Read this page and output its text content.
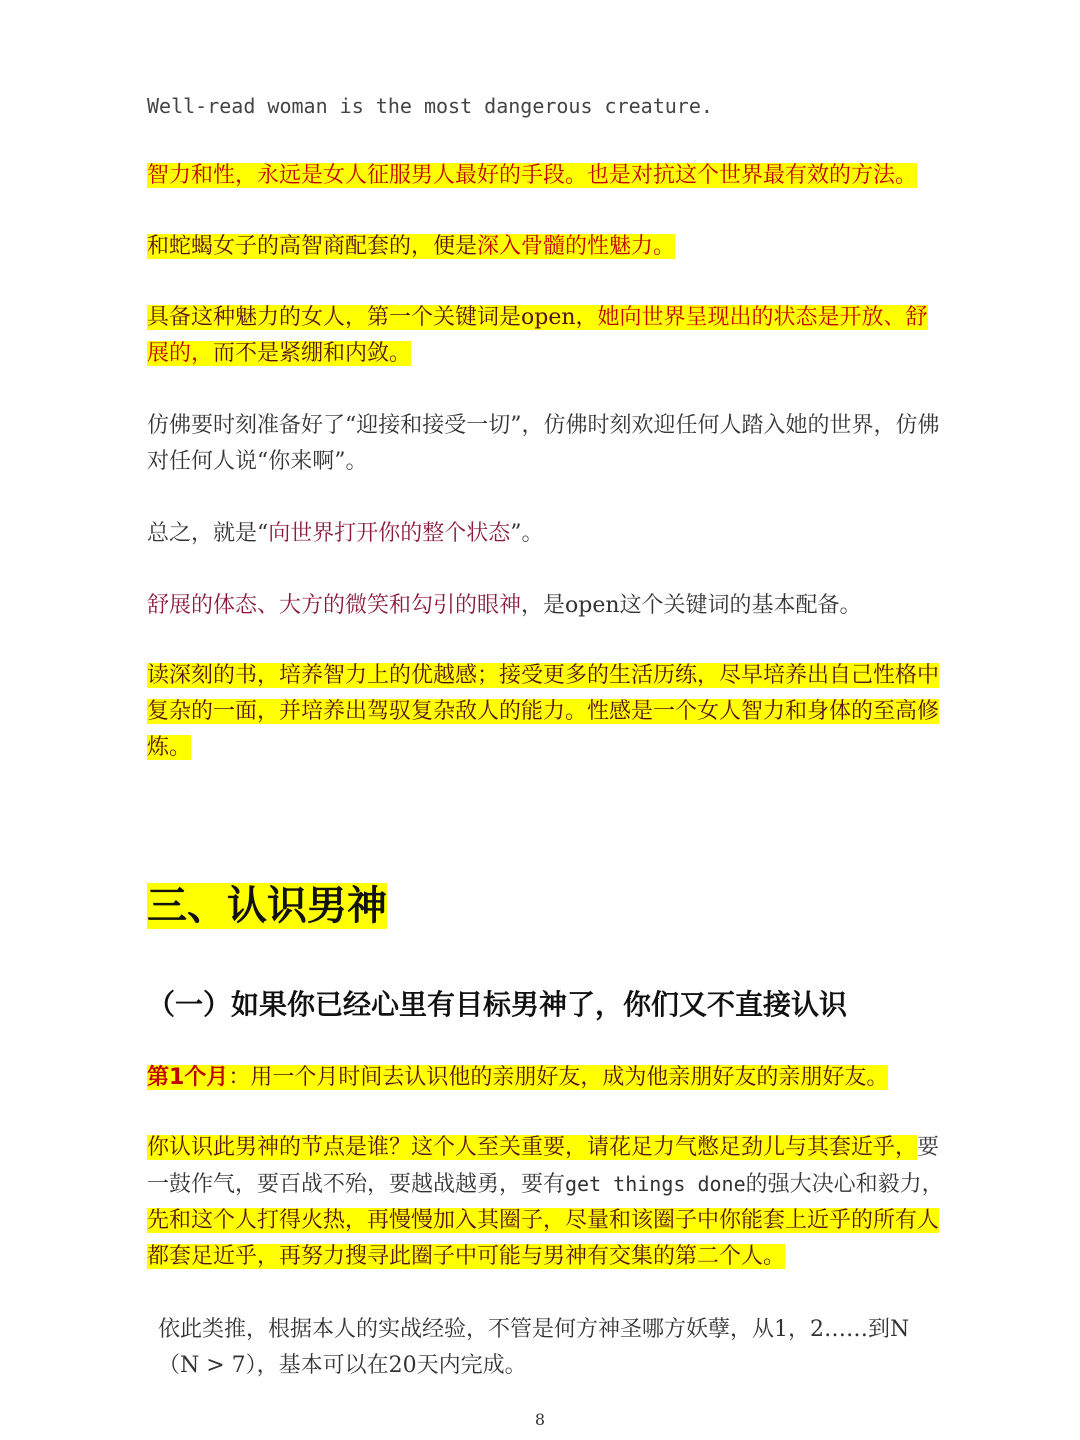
Well-read woman is the most dangerous creature.

智力和性，永远是女人征服男人最好的手段。也是对抗这个世界最有效的方法。

和蛇蝎女子的高智商配套的，便是深入骨髓的性魅力。

具备这种魅力的女人，第一个关键词是open，她向世界呈现出的状态是开放、舒展的，而不是紧绷和内敛。

仿佛要时刻准备好了“迎接和接受一切”，仿佛时刻欢迎任何人踏入她的世界，仿佛对任何人说“你来啊”。

总之，就是“向世界打开你的整个状态”。

舒展的体态、大方的微笑和勾引的眼神，是open这个关键词的基本配备。

读深刻的书，培养智力上的优越感；接受更多的生活历练，尽早培养出自己性格中复杂的一面，并培养出驾驭复杂敌人的能力。性感是一个女人智力和身体的至高修炼。

三、认识男神
（一）如果你已经心里有目标男神了，你们又不直接认识

第1个月：用一个月时间去认识他的亲朋好友，成为他亲朋好友的亲朋好友。

你认识此男神的节点是谁？这个人至关重要，请花足力气憋足劲儿与其套近乎，要一鼓作气，要百战不殆，要越战越勇，要有get things done的强大决心和毅力，先和这个人打得火热，再慢慢加入其圈子，尽量和该圈子中你能套上近乎的所有人都套足近乎，再努力搜寻此圈子中可能与男神有交集的第二个人。

依此类推，根据本人的实战经验，不管是何方神圣哪方妖孽，从1，2……到N（N > 7），基本可以在20天内完成。

8
